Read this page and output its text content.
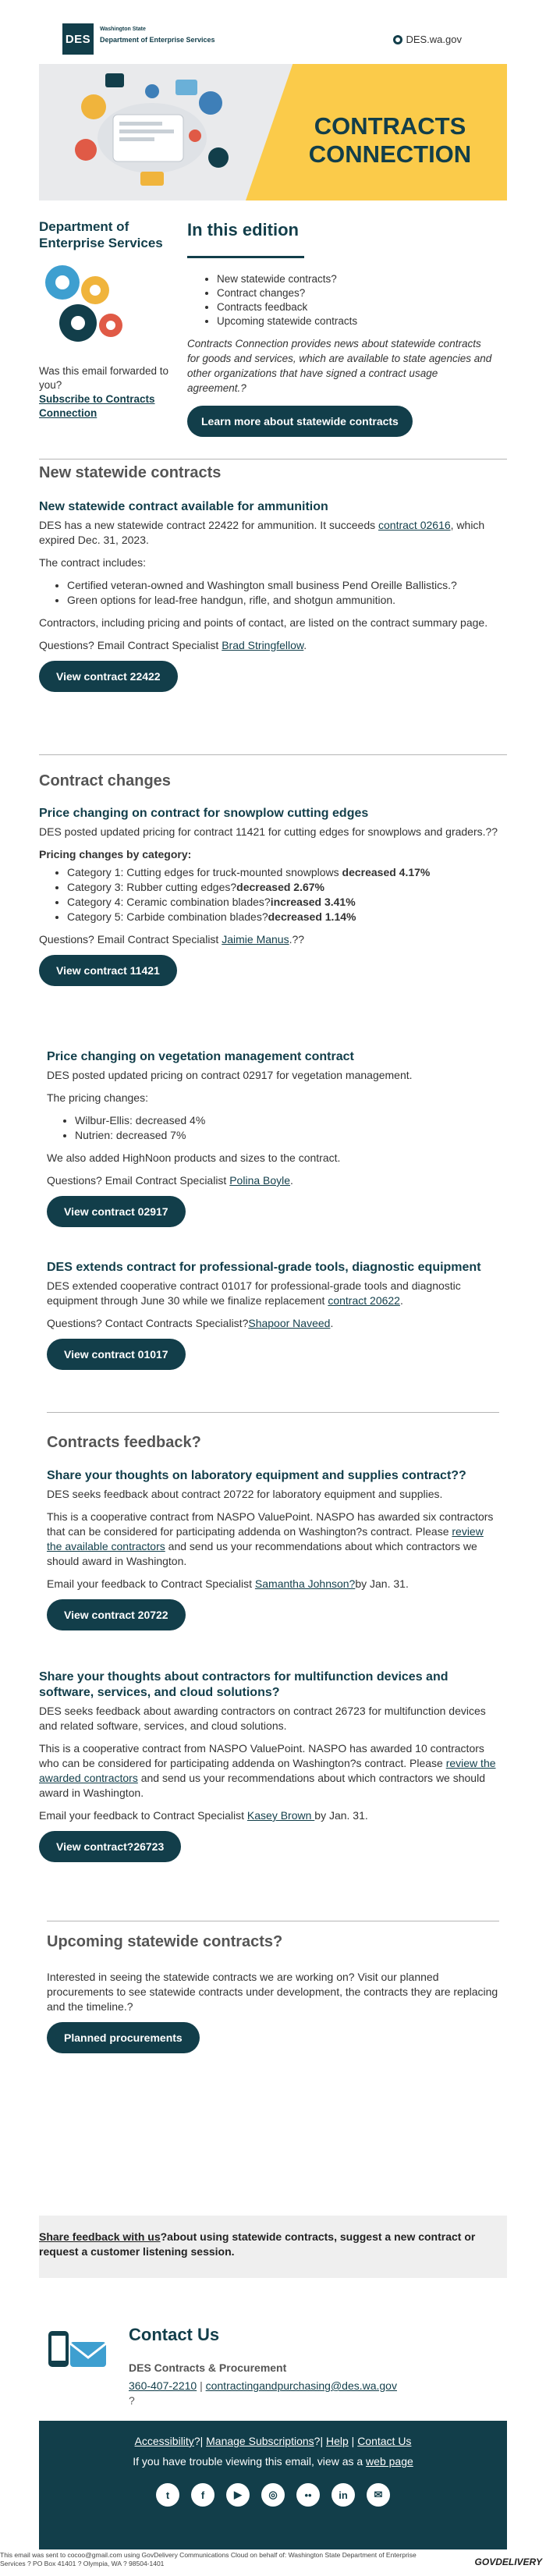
DES
Washington State
Department of Enterprise Services	DES.wa.gov
CONTRACTS
CONNECTION
Department of Enterprise Services
Was this email forwarded to you?
Subscribe to Contracts Connection
In this edition
• New statewide contracts?
• Contract changes?
• Contracts feedback
• Upcoming statewide contracts
Contracts Connection provides news about statewide contracts for goods and services, which are available to state agencies and other organizations that have signed a contract usage agreement.?
Learn more about statewide contracts
New statewide contracts
New statewide contract available for ammunition

DES has a new statewide contract 22422 for ammunition. It succeeds contract 02616, which expired Dec. 31, 2023.

The contract includes:

• Certified veteran-owned and Washington small business Pend Oreille Ballistics.?
• Green options for lead-free handgun, rifle, and shotgun ammunition.

Contractors, including pricing and points of contact, are listed on the contract summary page.

Questions? Email Contract Specialist Brad Stringfellow.

View contract 22422
Contract changes
Price changing on contract for snowplow cutting edges

DES posted updated pricing for contract 11421 for cutting edges for snowplows and graders.??

Pricing changes by category:

• Category 1: Cutting edges for truck-mounted snowplows decreased 4.17%
• Category 3: Rubber cutting edges?decreased 2.67%
• Category 4: Ceramic combination blades?increased 3.41%
• Category 5: Carbide combination blades?decreased 1.14%

Questions? Email Contract Specialist Jaimie Manus.??

View contract 11421
Price changing on vegetation management contract

DES posted updated pricing on contract 02917 for vegetation management.

The pricing changes:

• Wilbur-Ellis: decreased 4%
• Nutrien: decreased 7%

We also added HighNoon products and sizes to the contract.

Questions? Email Contract Specialist Polina Boyle.

View contract 02917
DES extends contract for professional-grade tools, diagnostic equipment

DES extended cooperative contract 01017 for professional-grade tools and diagnostic equipment through June 30 while we finalize replacement contract 20622.

Questions? Contact Contracts Specialist?Shapoor Naveed.

View contract 01017
Contracts feedback?
Share your thoughts on laboratory equipment and supplies contract??

DES seeks feedback about contract 20722 for laboratory equipment and supplies.

This is a cooperative contract from NASPO ValuePoint. NASPO has awarded six contractors that can be considered for participating addenda on Washington?s contract. Please review the available contractors and send us your recommendations about which contractors we should award in Washington.

Email your feedback to Contract Specialist Samantha Johnson?by Jan. 31.

View contract 20722
Share your thoughts about contractors for multifunction devices and software, services, and cloud solutions?

DES seeks feedback about awarding contractors on contract 26723 for multifunction devices and related software, services, and cloud solutions.

This is a cooperative contract from NASPO ValuePoint. NASPO has awarded 10 contractors who can be considered for participating addenda on Washington?s contract. Please review the awarded contractors and send us your recommendations about which contractors we should award in Washington.

Email your feedback to Contract Specialist Kasey Brown by Jan. 31.

View contract?26723
Upcoming statewide contracts?

Interested in seeing the statewide contracts we are working on? Visit our planned procurements to see statewide contracts under development, the contracts they are replacing and the timeline.?

Planned procurements
Share feedback with us?about using statewide contracts, suggest a new contract or request a customer listening session.
Contact Us
DES Contracts & Procurement
360-407-2210 | contractingandpurchasing@des.wa.gov
?
Accessibility?| Manage Subscriptions?| Help | Contact Us
If you have trouble viewing this email, view as a web page
t	f	▶	◎	••	in	✉
This email was sent to cocoo@gmail.com using GovDelivery Communications Cloud on behalf of: Washington State Department of Enterprise Services ? PO Box 41401 ? Olympia, WA ? 98504-1401	GOVDELIVERY
